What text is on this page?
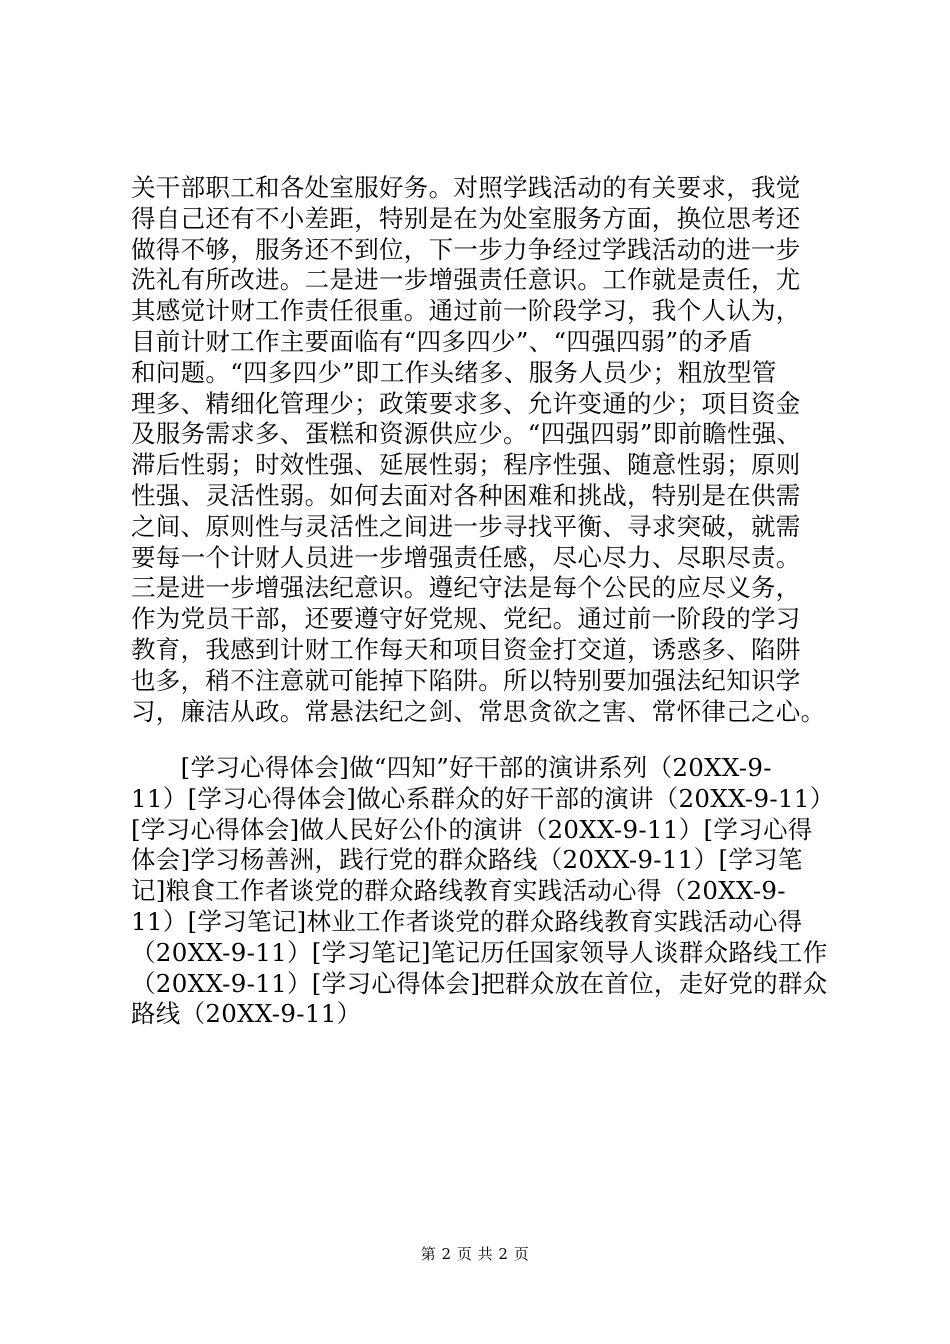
关干部职工和各处室服好务。对照学践活动的有关要求，我觉
得自己还有不小差距，特别是在为处室服务方面，换位思考还
做得不够，服务还不到位，下一步力争经过学践活动的进一步
洗礼有所改进。二是进一步增强责任意识。工作就是责任，尤
其感觉计财工作责任很重。通过前一阶段学习，我个人认为，
目前计财工作主要面临有“四多四少”、“四强四弱”的矛盾
和问题。“四多四少”即工作头绪多、服务人员少；粗放型管
理多、精细化管理少；政策要求多、允许变通的少；项目资金
及服务需求多、蛋糕和资源供应少。“四强四弱”即前瞻性强、
滞后性弱；时效性强、延展性弱；程序性强、随意性弱；原则
性强、灵活性弱。如何去面对各种困难和挑战，特别是在供需
之间、原则性与灵活性之间进一步寻找平衡、寻求突破，就需
要每一个计财人员进一步增强责任感，尽心尽力、尽职尽责。
三是进一步增强法纪意识。遵纪守法是每个公民的应尽义务，
作为党员干部，还要遵守好党规、党纪。通过前一阶段的学习
教育，我感到计财工作每天和项目资金打交道，诱惑多、陷阱
也多，稍不注意就可能掉下陷阱。所以特别要加强法纪知识学
习，廉洁从政。常悬法纪之剑、常思贪欲之害、常怀律己之心。
　　[学习心得体会]做“四知”好干部的演讲系列（20XX-9-
11）[学习心得体会]做心系群众的好干部的演讲（20XX-9-11）
[学习心得体会]做人民好公仆的演讲（20XX-9-11）[学习心得
体会]学习杨善洲，践行党的群众路线（20XX-9-11）[学习笔
记]粮食工作者谈党的群众路线教育实践活动心得（20XX-9-
11）[学习笔记]林业工作者谈党的群众路线教育实践活动心得
（20XX-9-11）[学习笔记]笔记历任国家领导人谈群众路线工作
（20XX-9-11）[学习心得体会]把群众放在首位，走好党的群众
路线（20XX-9-11）
第 2 页 共 2 页
